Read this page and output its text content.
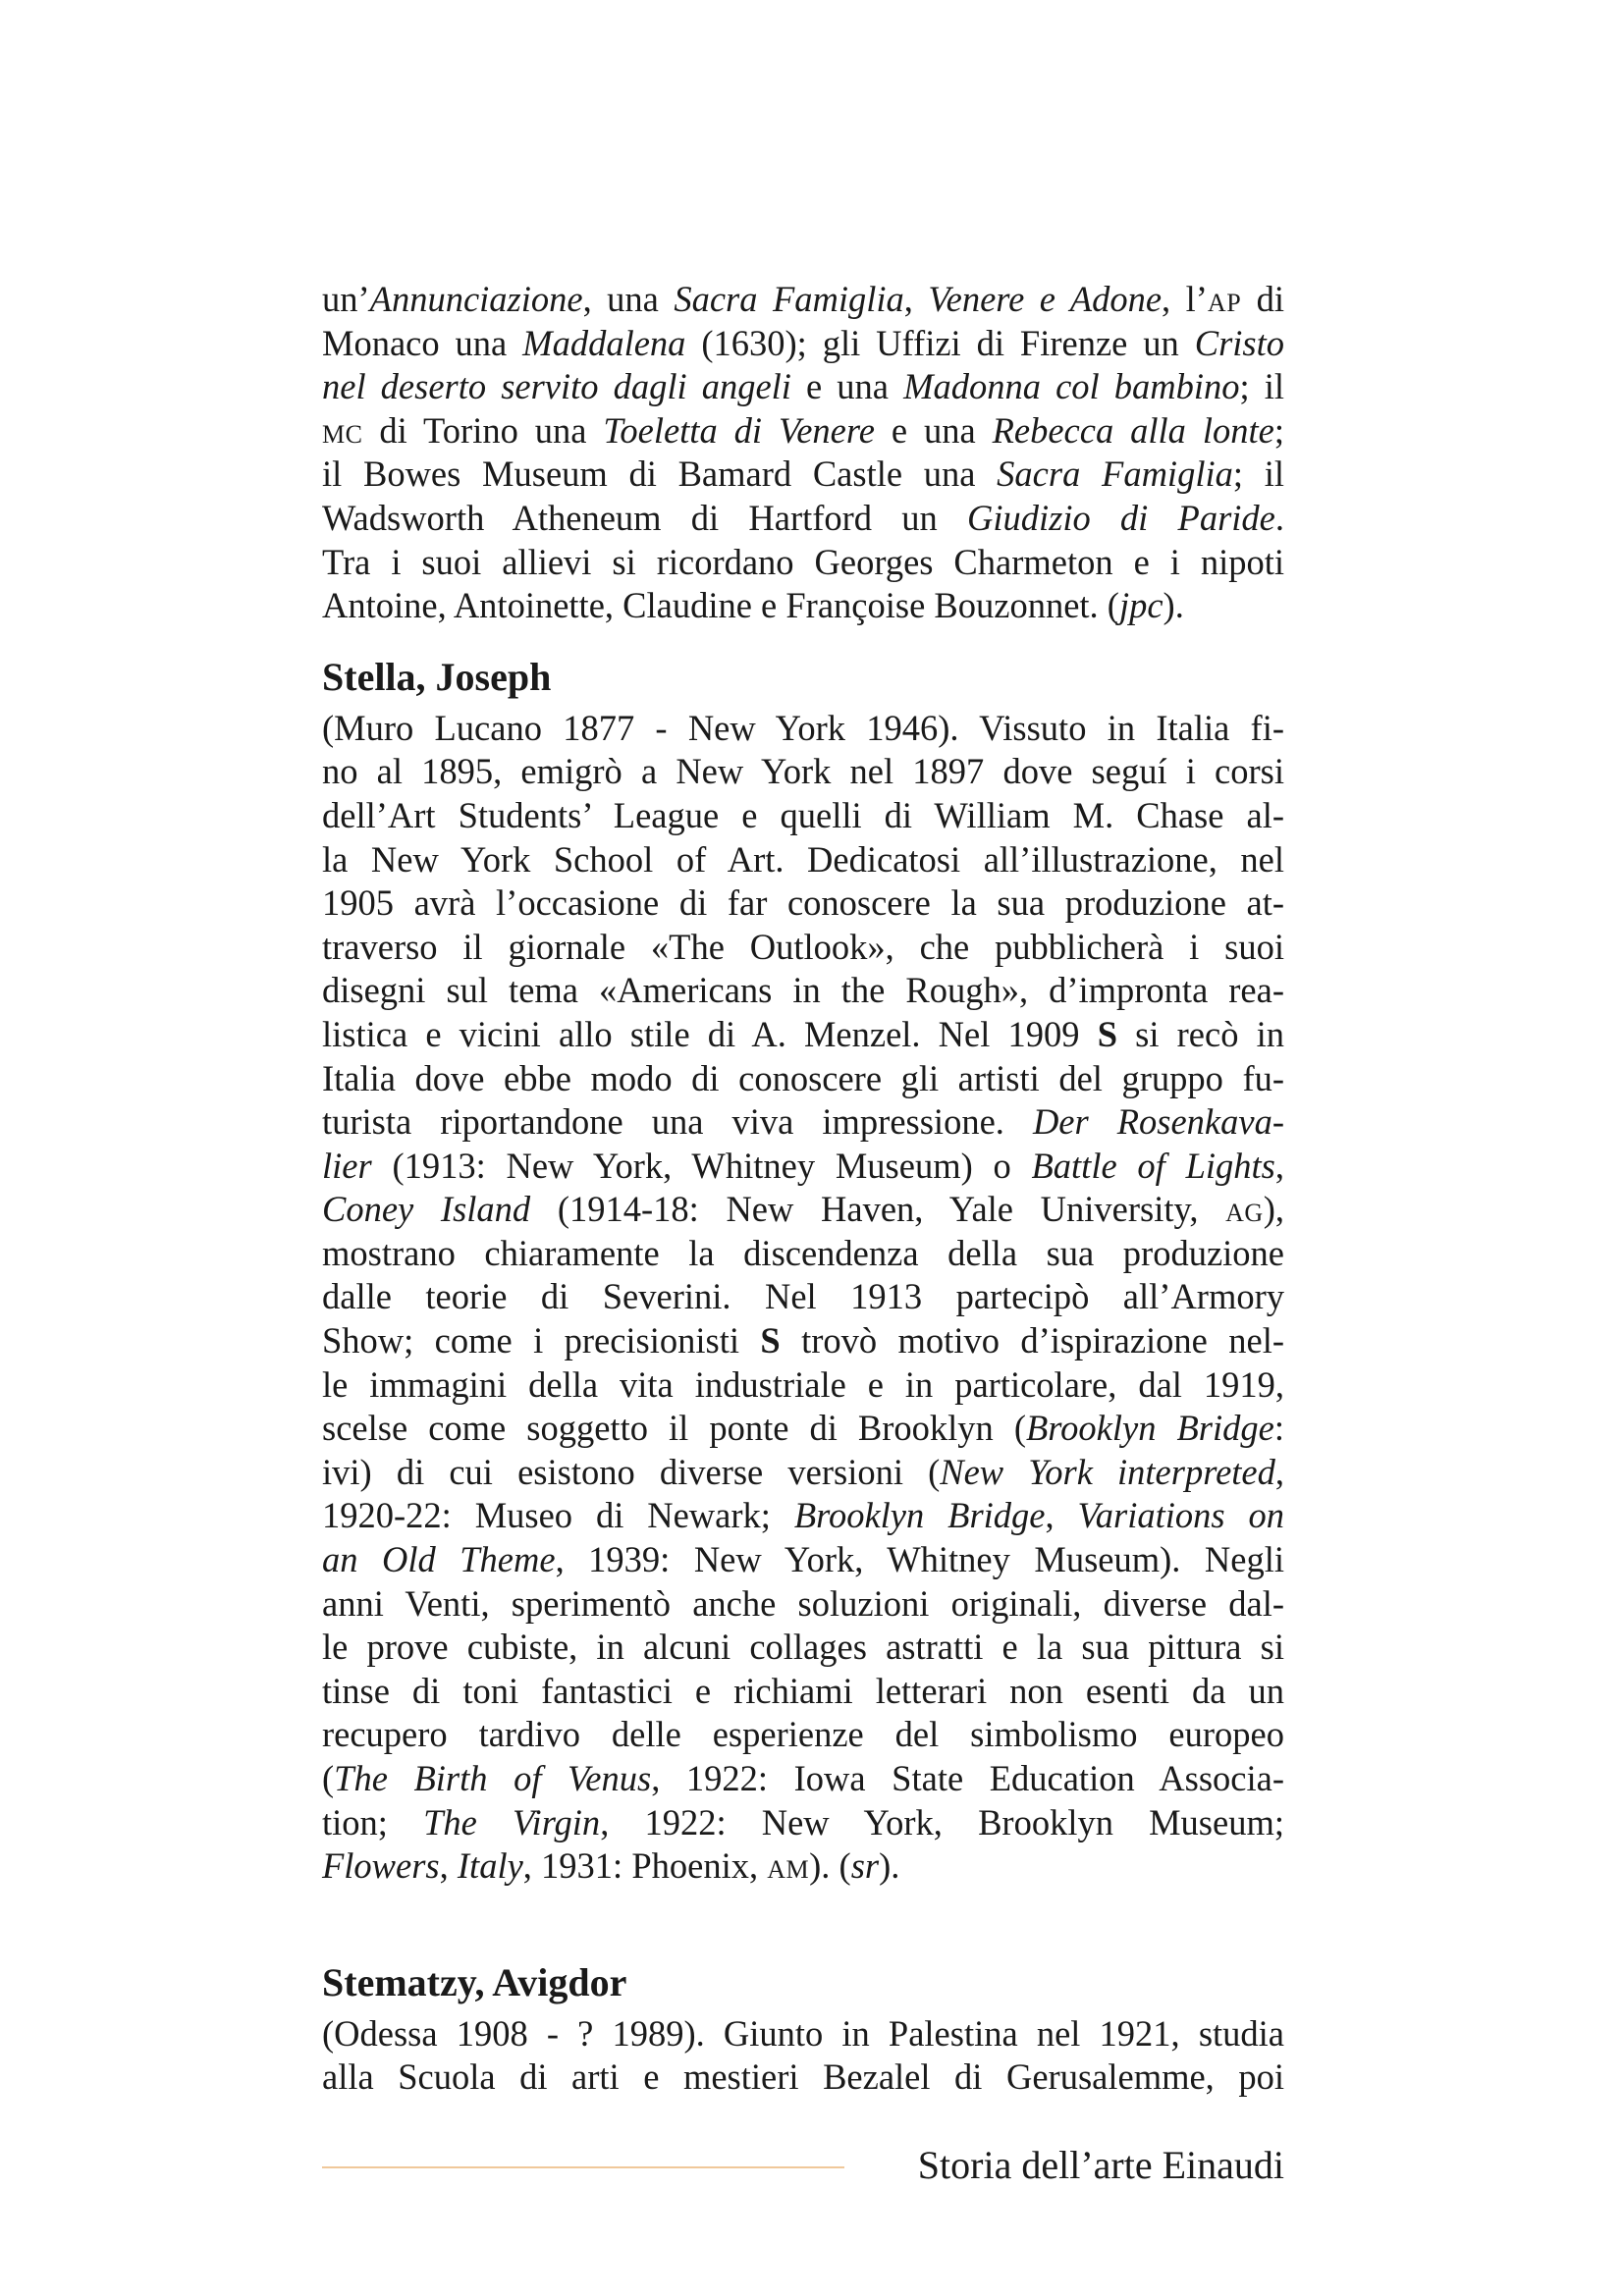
un’Annunciazione, una Sacra Famiglia, Venere e Adone, l’ap di
Monaco una Maddalena (1630); gli Uffizi di Firenze un Cristo
nel deserto servito dagli angeli e una Madonna col bambino; il
mc di Torino una Toeletta di Venere e una Rebecca alla lonte;
il Bowes Museum di Bamard Castle una Sacra Famiglia; il
Wadsworth Atheneum di Hartford un Giudizio di Paride.
Tra i suoi allievi si ricordano Georges Charmeton e i nipoti
Antoine, Antoinette, Claudine e Françoise Bouzonnet. (jpc).
Stella, Joseph
(Muro Lucano 1877 - New York 1946). Vissuto in Italia fi-
no al 1895, emigrò a New York nel 1897 dove seguí i corsi
dell’Art Students’ League e quelli di William M. Chase al-
la New York School of Art. Dedicatosi all’illustrazione, nel
1905 avrà l’occasione di far conoscere la sua produzione at-
traverso il giornale «The Outlook», che pubblicherà i suoi
disegni sul tema «Americans in the Rough», d’impronta rea-
listica e vicini allo stile di A. Menzel. Nel 1909 S si recò in
Italia dove ebbe modo di conoscere gli artisti del gruppo fu-
turista riportandone una viva impressione. Der Rosenkava-
lier (1913: New York, Whitney Museum) o Battle of Lights,
Coney Island (1914-18: New Haven, Yale University, ag),
mostrano chiaramente la discendenza della sua produzione
dalle teorie di Severini. Nel 1913 partecipò all’Armory
Show; come i precisionisti S trovò motivo d’ispirazione nel-
le immagini della vita industriale e in particolare, dal 1919,
scelse come soggetto il ponte di Brooklyn (Brooklyn Bridge:
ivi) di cui esistono diverse versioni (New York interpreted,
1920-22: Museo di Newark; Brooklyn Bridge, Variations on
an Old Theme, 1939: New York, Whitney Museum). Negli
anni Venti, sperimentò anche soluzioni originali, diverse dal-
le prove cubiste, in alcuni collages astratti e la sua pittura si
tinse di toni fantastici e richiami letterari non esenti da un
recupero tardivo delle esperienze del simbolismo europeo
(The Birth of Venus, 1922: Iowa State Education Associa-
tion; The Virgin, 1922: New York, Brooklyn Museum;
Flowers, Italy, 1931: Phoenix, am). (sr).
Stematzy, Avigdor
(Odessa 1908 - ? 1989). Giunto in Palestina nel 1921, studia
alla Scuola di arti e mestieri Bezalel di Gerusalemme, poi
Storia dell’arte Einaudi
